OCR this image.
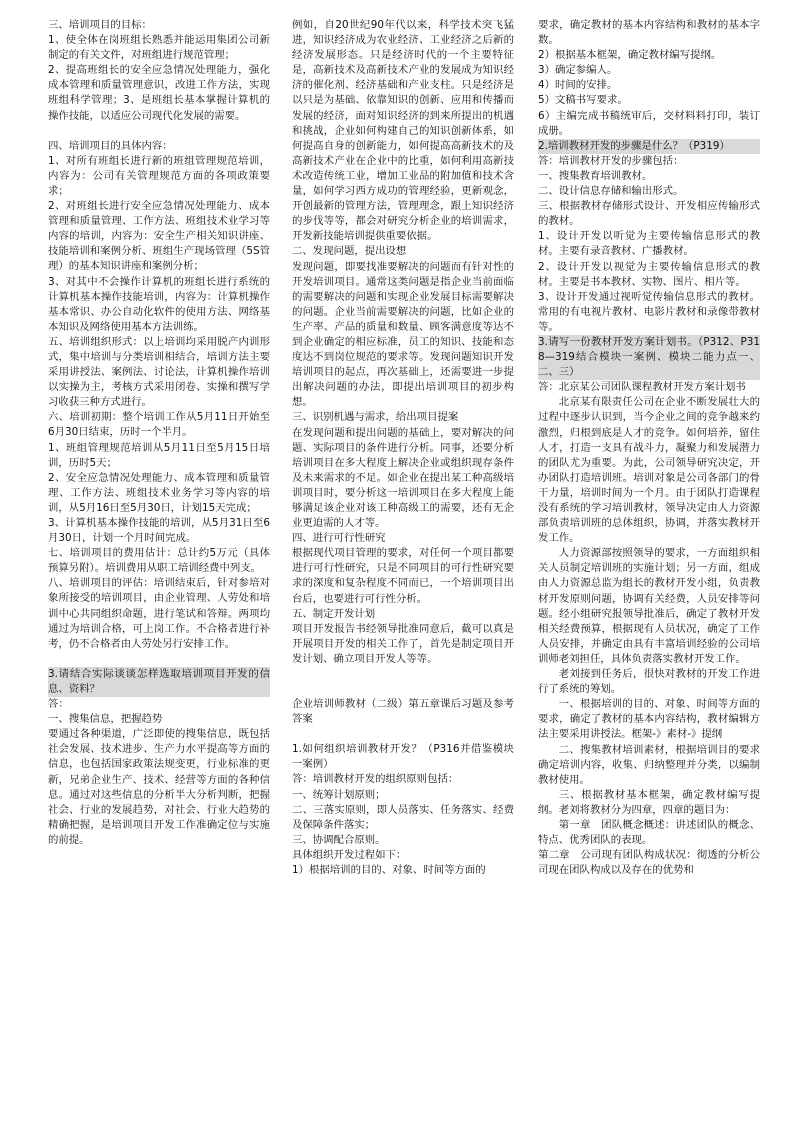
三、培训项目的目标：

1、使全体在岗班组长熟悉并能运用集团公司新制定的有关文件，对班组进行规范管理；

2、提高班组长的安全应急情况处理能力，强化成本管理和质量管理意识，改进工作方法，实现班组科学管理；3、是班组长基本掌握计算机的操作技能，以适应公司现代化发展的需要。

四、培训项目的具体内容：

1、对所有班组长进行新的班组管理规范培训，内容为：公司有关管理规范方面的各项政策要求；

2、对班组长进行安全应急情况处理能力、成本管理和质量管理、工作方法、班组技术业学习等内容的培训，内容为：安全生产相关知识讲座、技能培训和案例分析、班组生产现场管理（5S管理）的基本知识讲座和案例分析；

3、对其中不会操作计算机的班组长进行系统的计算机基本操作技能培训，内容为：计算机操作基本常识、办公自动化软件的使用方法、网络基本知识及网络使用基本方法训练。

五、培训组织形式：以上培训均采用脱产内训形式，集中培训与分类培训相结合，培训方法主要采用讲授法、案例法、讨论法，计算机操作培训以实操为主，考核方式采用闭卷、实操和撰写学习收获三种方式进行。

六、培训初期：整个培训工作从5月11日开始至6月30日结束，历时一个半月。

1、班组管理规范培训从5月11日至5月15日培训，历时5天；

2、安全应急情况处理能力、成本管理和质量管理、工作方法、班组技术业务学习等内容的培训，从5月16日至5月30日，计划15天完成；

3、计算机基本操作技能的培训，从5月31日至6月30日，计划一个月时间完成。

七、培训项目的费用估计：总计约5万元（具体预算另附）。培训费用从职工培训经费中列支。

八、培训项目的评估：培训结束后，针对参培对象所接受的培训项目，由企业管理、人劳处和培训中心共同组织命题，进行笔试和答辩。两项均通过为培训合格，可上岗工作。不合格者进行补考，仍不合格者由人劳处另行安排工作。

3.请结合实际谈谈怎样选取培训项目开发的信息、资料？

答：

一、搜集信息，把握趋势

要通过各种渠道，广泛即使的搜集信息，既包括社会发展、技术进步、生产力水平提高等方面的信息，也包括国家政策法规变更，行业标准的更新，兄弟企业生产、技术、经营等方面的各种信息。通过对这些信息的分析半大分析判断，把握社会、行业的发展趋势，对社会、行业大趋势的精确把握，是培训项目开发工作准确定位与实施的前提。

例如，自20世纪90年代以来，科学技术突飞猛进，知识经济成为农业经济、工业经济之后新的经济发展形态。只是经济时代的一个主要特征是，高新技术及高新技术产业的发展成为知识经济的催化剂、经济基础和产业支柱。只是经济是以只是为基础、依靠知识的创新、应用和传播而发展的经济，面对知识经济的到来所提出的机遇和挑战，企业如何构建自己的知识创新体系，如何提高自身的创新能力，如何提高高新技术的及高新技术产业在企业中的比重，如何利用高新技术改造传统工业，增加工业品的附加值和技术含量，如何学习西方成功的管理经验，更新观念，开创最新的管理方法，管理理念，跟上知识经济的步伐等等，都会对研究分析企业的培训需求，开发新技能培训提供重要依据。

二、发现问题，提出设想

发现问题，即要找准要解决的问题而有针对性的开发培训项目。通常这类问题是指企业当前面临的需要解决的问题和实现企业发展目标需要解决的问题。企业当前需要解决的问题，比如企业的生产率、产品的质量和数量、顾客满意度等达不到企业确定的相应标准，员工的知识、技能和态度达不到岗位规范的要求等。发现问题知识开发培训项目的起点，再次基础上，还需要进一步提出解决问题的办法，即提出培训项目的初步构想。

三、识别机遇与需求，给出项目提案

在发现问题和提出问题的基础上，要对解决的问题、实际项目的条件进行分析。同事，还要分析培训项目在多大程度上解决企业或组织现存条件及未来需求的不足。如企业在提出某工种高级培训项目时，要分析这一培训项目在多大程度上能够满足该企业对该工种高级工的需要，还有无企业更迫需的人才等。

四、进行可行性研究

根据现代项目管理的要求，对任何一个项目都要进行可行性研究，只是不同项目的可行性研究要求的深度和复杂程度不同而已，一个培训项目出台后，也要进行可行性分析。

五、制定开发计划

项目开发报告书经领导批准同意后，截可以真是开展项目开发的相关工作了，首先是制定项目开发计划、确立项目开发人等等。

企业培训师教材（二级）第五章课后习题及参考答案

1.如何组织培训教材开发？（P316并借鉴模块一案例）

答：培训教材开发的组织原则包括：

一、统筹计划原则；

二、三落实原则，即人员落实、任务落实、经费及保障条件落实；

三、协调配合原则。

具体组织开发过程如下：

1）根据培训的目的、对象、时间等方面的

要求，确定教材的基本内容结构和教材的基本字数。

2）根据基本框架，确定教材编写提纲。

3）确定参编人。

4）时间的安排。

5）文稿书写要求。

6）主编完成书稿统审后，交材料料打印，装订成册。

2.培训教材开发的步骤是什么？（P319）

答：培训教材开发的步骤包括：

一、搜集教育培训教材。

二、设计信息存储和输出形式。

三、根据教材存储形式设计、开发相应传输形式的教材。

1、设计开发以听觉为主要传输信息形式的教材。主要有录音教材、广播教材。

2、设计开发以视觉为主要传输信息形式的教材。主要是书本教材、实物、图片、相片等。

3、设计开发通过视听觉传输信息形式的教材。常用的有电视片教材、电影片教材和录像带教材等。

3.请写一份教材开发方案计划书。（P312、P318—319结合模块一案例、模块二能力点一、二、三）

答：北京某公司团队课程教材开发方案计划书

北京某有限责任公司在企业不断发展壮大的过程中逐步认识到，当今企业之间的竞争越来约激烈，归根到底是人才的竞争。如何培养，留住人才，打造一支具有战斗力，凝聚力和发展潜力的团队尤为重要。为此，公司领导研究决定，开办团队打造培训班。培训对象是公司各部门的骨干力量，培训时间为一个月。由于团队打造课程没有系统的学习培训教材，领导决定由人力资源部负责培训班的总体组织，协调，并落实教材开发工作。

人力资源部按照领导的要求，一方面组织相关人员制定培训班的实施计划；另一方面，组成由人力资源总监为组长的教材开发小组，负责教材开发原则问题，协调有关经费，人员安排等问题。经小组研究报领导批准后，确定了教材开发相关经费预算，根据现有人员状况，确定了工作人员安排，并确定由具有丰富培训经验的公司培训师老刘担任，具体负责落实教材开发工作。

老刘接到任务后，很快对教材的开发工作进行了系统的筹划。

一、根据培训的目的、对象、时间等方面的要求，确定了教材的基本内容结构，教材编辑方法主要采用讲授法。框架-》素材-》提纲

二、搜集教材培训素材，根据培训目的要求确定培训内容，收集、归纳整理并分类，以编制教材使用。

三、根据教材基本框架，确定教材编写提纲。老刘将教材分为四章，四章的题目为：

第一章　团队概念概述：讲述团队的概念、特点、优秀团队的表现。

第二章　公司现有团队构成状况：彻透的分析公司现在团队构成以及存在的优势和
